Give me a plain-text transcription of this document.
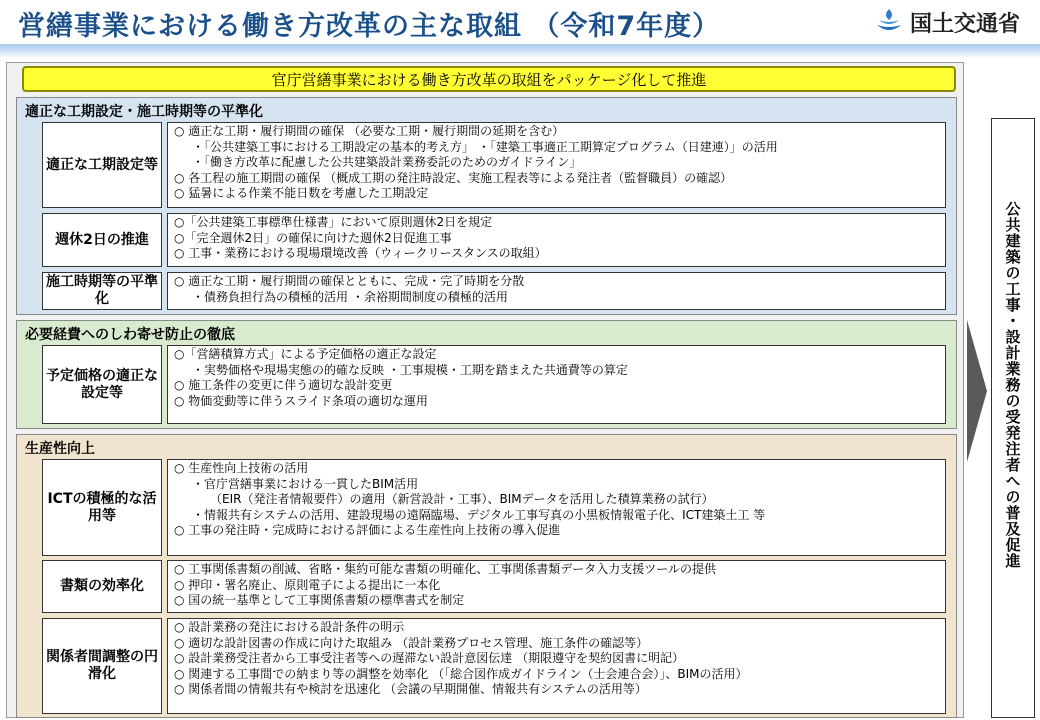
営繕事業における働き方改革の主な取組 （令和7年度）	国土交通省
官庁営繕事業における働き方改革の取組をパッケージ化して推進
適正な工期設定・施工時期等の平準化
適正な工期設定等
○ 適正な工期・履行期間の確保 （必要な工期・履行期間の延期を含む）
・「公共建築工事における工期設定の基本的考え方」 ・「建築工事適正工期算定プログラム（日建連）」の活用
・「働き方改革に配慮した公共建築設計業務委託のためのガイドライン」
○ 各工程の施工期間の確保 （概成工期の発注時設定、実施工程表等による発注者（監督職員）の確認）
○ 猛暑による作業不能日数を考慮した工期設定
週休2日の推進
○「公共建築工事標準仕様書」において原則週休2日を規定
○「完全週休2日」の確保に向けた週休2日促進工事
○ 工事・業務における現場環境改善（ウィークリースタンスの取組）
施工時期等の平準化
○ 適正な工期・履行期間の確保とともに、完成・完了時期を分散
・債務負担行為の積極的活用 ・余裕期間制度の積極的活用
必要経費へのしわ寄せ防止の徹底
予定価格の適正な設定等
○「営繕積算方式」による予定価格の適正な設定
・実勢価格や現場実態の的確な反映 ・工事規模・工期を踏まえた共通費等の算定
○ 施工条件の変更に伴う適切な設計変更
○ 物価変動等に伴うスライド条項の適切な運用
生産性向上
ICTの積極的な活用等
○ 生産性向上技術の活用
・官庁営繕事業における一貫したBIM活用
（EIR（発注者情報要件）の適用（新営設計・工事）、BIMデータを活用した積算業務の試行）
・情報共有システムの活用、建設現場の遠隔臨場、デジタル工事写真の小黒板情報電子化、ICT建築土工 等
○ 工事の発注時・完成時における評価による生産性向上技術の導入促進
書類の効率化
○ 工事関係書類の削減、省略・集約可能な書類の明確化、工事関係書類データ入力支援ツールの提供
○ 押印・署名廃止、原則電子による提出に一本化
○ 国の統一基準として工事関係書類の標準書式を制定
関係者間調整の円滑化
○ 設計業務の発注における設計条件の明示
○ 適切な設計図書の作成に向けた取組み （設計業務プロセス管理、施工条件の確認等）
○ 設計業務受注者から工事受注者等への遅滞ない設計意図伝達 （期限遵守を契約図書に明記）
○ 関連する工事間での納まり等の調整を効率化 （「総合図作成ガイドライン（士会連合会）」、BIMの活用）
○ 関係者間の情報共有や検討を迅速化 （会議の早期開催、情報共有システムの活用等）
公共建築の工事・設計業務の受発注者への普及促進
